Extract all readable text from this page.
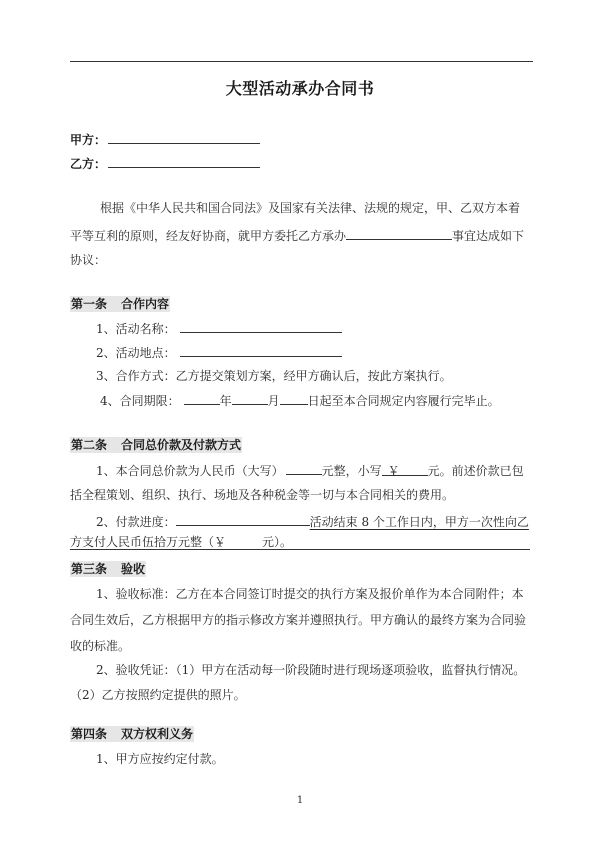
大型活动承办合同书
甲方：
乙方：
根据《中华人民共和国合同法》及国家有关法律、法规的规定，甲、乙双方本着
平等互利的原则，经友好协商，就甲方委托乙方承办	事宜达成如下
协议：
第一条 合作内容
1、活动名称：
2、活动地点：
3、合作方式：乙方提交策划方案，经甲方确认后，按此方案执行。
4、合同期限：	年	月 日起至本合同规定内容履行完毕止。
第二条 合同总价款及付款方式
1、本合同总价款为人民币（大写）	元整，小写 ￥ 元。前述价款已包
括全程策划、组织、执行、场地及各种税金等一切与本合同相关的费用。
2、付款进度：	活动结束 8 个工作日内，甲方一次性向乙
方支付人民币伍拾万元整（￥	元）。
第三条 验收
1、验收标准：乙方在本合同签订时提交的执行方案及报价单作为本合同附件；本
合同生效后，乙方根据甲方的指示修改方案并遵照执行。甲方确认的最终方案为合同验
收的标准。
2、验收凭证：（1）甲方在活动每一阶段随时进行现场逐项验收，监督执行情况。
（2）乙方按照约定提供的照片。
第四条 双方权利义务
1、甲方应按约定付款。
1
